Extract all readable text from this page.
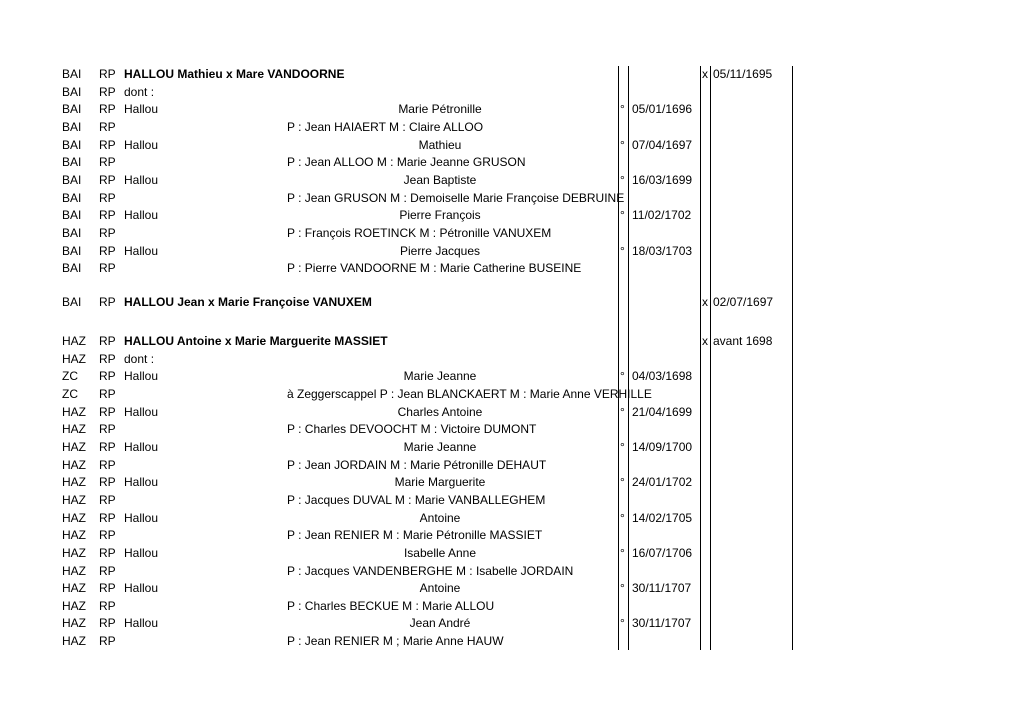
BAI RP HALLOU Mathieu x Mare VANDOORNE	x 05/11/1695
BAI RP dont :
BAI RP Hallou	Marie Pétronille	° 05/01/1696
BAI RP	P : Jean HAIAERT M : Claire ALLOO
BAI RP Hallou	Mathieu	° 07/04/1697
BAI RP	P : Jean ALLOO M : Marie Jeanne GRUSON
BAI RP Hallou	Jean Baptiste	° 16/03/1699
BAI RP	P : Jean GRUSON M : Demoiselle Marie Françoise DEBRUINE
BAI RP Hallou	Pierre François	° 11/02/1702
BAI RP	P : François ROETINCK M : Pétronille VANUXEM
BAI RP Hallou	Pierre Jacques	° 18/03/1703
BAI RP	P : Pierre VANDOORNE M : Marie Catherine BUSEINE
BAI RP HALLOU Jean x Marie Françoise VANUXEM	x 02/07/1697
HAZ RP HALLOU Antoine x Marie Marguerite MASSIET	x avant 1698
HAZ RP dont :
ZC RP Hallou	Marie Jeanne	° 04/03/1698
ZC RP	à Zeggerscappel P : Jean BLANCKAERT M : Marie Anne VERHILLE
HAZ RP Hallou	Charles Antoine	° 21/04/1699
HAZ RP	P : Charles DEVOOCHT M : Victoire DUMONT
HAZ RP Hallou	Marie Jeanne	° 14/09/1700
HAZ RP	P : Jean JORDAIN M : Marie Pétronille DEHAUT
HAZ RP Hallou	Marie Marguerite	° 24/01/1702
HAZ RP	P : Jacques DUVAL M : Marie VANBALLEGHEM
HAZ RP Hallou	Antoine	° 14/02/1705
HAZ RP	P : Jean RENIER M : Marie Pétronille MASSIET
HAZ RP Hallou	Isabelle Anne	° 16/07/1706
HAZ RP	P : Jacques VANDENBERGHE M : Isabelle JORDAIN
HAZ RP Hallou	Antoine	° 30/11/1707
HAZ RP	P : Charles BECKUE M : Marie ALLOU
HAZ RP Hallou	Jean André	° 30/11/1707
HAZ RP	P : Jean RENIER M ; Marie Anne HAUW
